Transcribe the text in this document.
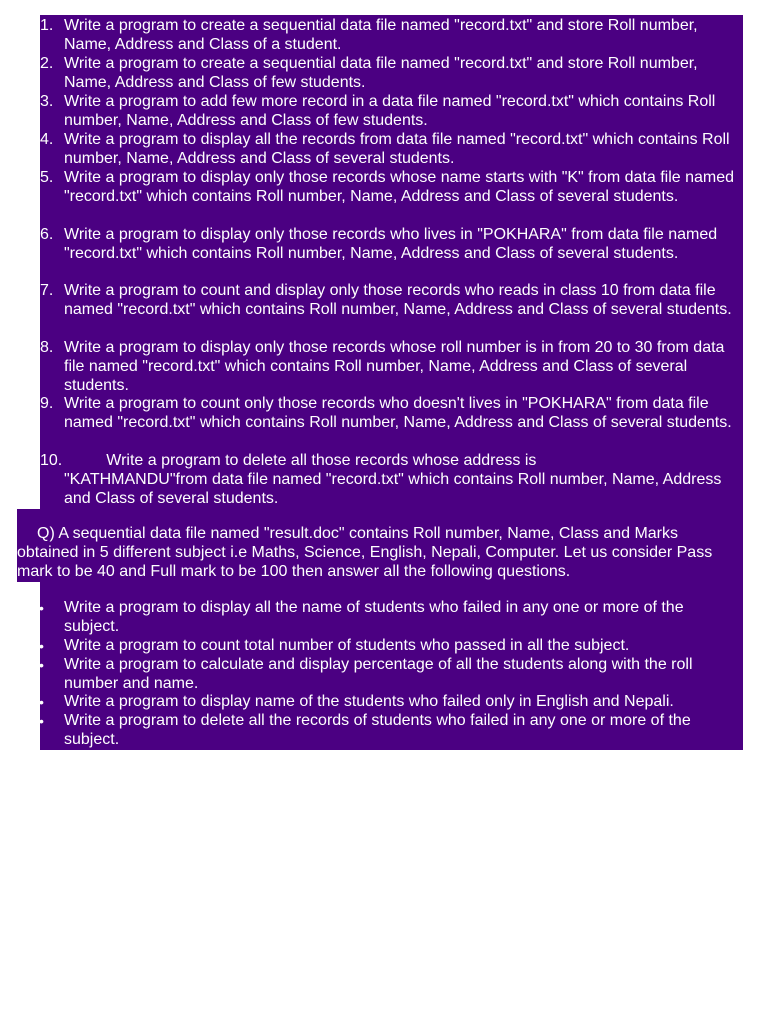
1. Write a program to create a sequential data file named "record.txt" and store Roll number, Name, Address and Class of a student.
2. Write a program to create a sequential data file named "record.txt" and store Roll number, Name, Address and Class of few students.
3. Write a program to add few more record in a data file named "record.txt" which contains Roll number, Name, Address and Class of few students.
4. Write a program to display all the records from data file named "record.txt" which contains Roll number, Name, Address and Class of several students.
5. Write a program to display only those records whose name starts with "K" from data file named "record.txt" which contains Roll number, Name, Address and Class of several students.
6. Write a program to display only those records who lives in "POKHARA" from data file named "record.txt" which contains Roll number, Name, Address and Class of several students.
7. Write a program to count and display only those records who reads in class 10 from data file named "record.txt" which contains Roll number, Name, Address and Class of several students.
8. Write a program to display only those records whose roll number is in from 20 to 30 from data file named "record.txt" which contains Roll number, Name, Address and Class of several students.
9. Write a program to count only those records who doesn't lives in "POKHARA" from data file named "record.txt" which contains Roll number, Name, Address and Class of several students.
10.	Write a program to delete all those records whose address is
"KATHMANDU"from data file named "record.txt" which contains Roll number, Name, Address and Class of several students.
Q) A sequential data file named "result.doc" contains Roll number, Name, Class and Marks obtained in 5 different subject i.e Maths, Science, English, Nepali, Computer. Let us consider Pass mark to be 40 and Full mark to be 100 then answer all the following questions.
•	Write a program to display all the name of students who failed in any one or more of the subject.
•	Write a program to count total number of students who passed in all the subject.
•	Write a program to calculate and display percentage of all the students along with the roll number and name.
•	Write a program to display name of the students who failed only in English and Nepali.
•	Write a program to delete all the records of students who failed in any one or more of the subject.
